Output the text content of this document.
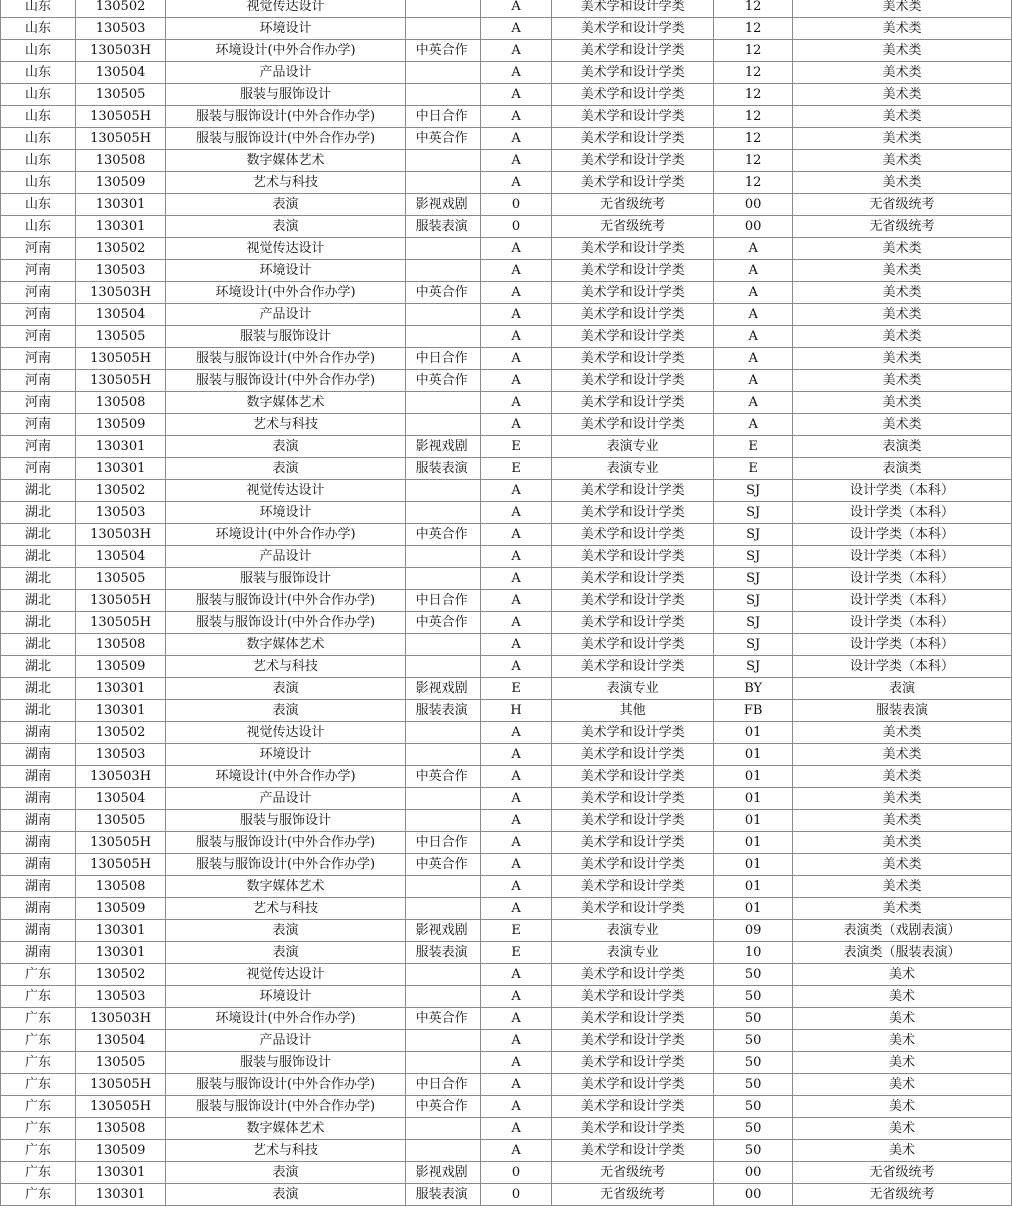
山东	130502	视觉传达设计		A	美术学和设计学类	12	美术类
山东	130503	环境设计		A	美术学和设计学类	12	美术类
山东	130503H	环境设计(中外合作办学)	中英合作	A	美术学和设计学类	12	美术类
山东	130504	产品设计		A	美术学和设计学类	12	美术类
山东	130505	服装与服饰设计		A	美术学和设计学类	12	美术类
山东	130505H	服装与服饰设计(中外合作办学)	中日合作	A	美术学和设计学类	12	美术类
山东	130505H	服装与服饰设计(中外合作办学)	中英合作	A	美术学和设计学类	12	美术类
山东	130508	数字媒体艺术		A	美术学和设计学类	12	美术类
山东	130509	艺术与科技		A	美术学和设计学类	12	美术类
山东	130301	表演	影视戏剧	0	无省级统考	00	无省级统考
山东	130301	表演	服装表演	0	无省级统考	00	无省级统考
河南	130502	视觉传达设计		A	美术学和设计学类	A	美术类
河南	130503	环境设计		A	美术学和设计学类	A	美术类
河南	130503H	环境设计(中外合作办学)	中英合作	A	美术学和设计学类	A	美术类
河南	130504	产品设计		A	美术学和设计学类	A	美术类
河南	130505	服装与服饰设计		A	美术学和设计学类	A	美术类
河南	130505H	服装与服饰设计(中外合作办学)	中日合作	A	美术学和设计学类	A	美术类
河南	130505H	服装与服饰设计(中外合作办学)	中英合作	A	美术学和设计学类	A	美术类
河南	130508	数字媒体艺术		A	美术学和设计学类	A	美术类
河南	130509	艺术与科技		A	美术学和设计学类	A	美术类
河南	130301	表演	影视戏剧	E	表演专业	E	表演类
河南	130301	表演	服装表演	E	表演专业	E	表演类
湖北	130502	视觉传达设计		A	美术学和设计学类	SJ	设计学类（本科）
湖北	130503	环境设计		A	美术学和设计学类	SJ	设计学类（本科）
湖北	130503H	环境设计(中外合作办学)	中英合作	A	美术学和设计学类	SJ	设计学类（本科）
湖北	130504	产品设计		A	美术学和设计学类	SJ	设计学类（本科）
湖北	130505	服装与服饰设计		A	美术学和设计学类	SJ	设计学类（本科）
湖北	130505H	服装与服饰设计(中外合作办学)	中日合作	A	美术学和设计学类	SJ	设计学类（本科）
湖北	130505H	服装与服饰设计(中外合作办学)	中英合作	A	美术学和设计学类	SJ	设计学类（本科）
湖北	130508	数字媒体艺术		A	美术学和设计学类	SJ	设计学类（本科）
湖北	130509	艺术与科技		A	美术学和设计学类	SJ	设计学类（本科）
湖北	130301	表演	影视戏剧	E	表演专业	BY	表演
湖北	130301	表演	服装表演	H	其他	FB	服装表演
湖南	130502	视觉传达设计		A	美术学和设计学类	01	美术类
湖南	130503	环境设计		A	美术学和设计学类	01	美术类
湖南	130503H	环境设计(中外合作办学)	中英合作	A	美术学和设计学类	01	美术类
湖南	130504	产品设计		A	美术学和设计学类	01	美术类
湖南	130505	服装与服饰设计		A	美术学和设计学类	01	美术类
湖南	130505H	服装与服饰设计(中外合作办学)	中日合作	A	美术学和设计学类	01	美术类
湖南	130505H	服装与服饰设计(中外合作办学)	中英合作	A	美术学和设计学类	01	美术类
湖南	130508	数字媒体艺术		A	美术学和设计学类	01	美术类
湖南	130509	艺术与科技		A	美术学和设计学类	01	美术类
湖南	130301	表演	影视戏剧	E	表演专业	09	表演类（戏剧表演）
湖南	130301	表演	服装表演	E	表演专业	10	表演类（服装表演）
广东	130502	视觉传达设计		A	美术学和设计学类	50	美术
广东	130503	环境设计		A	美术学和设计学类	50	美术
广东	130503H	环境设计(中外合作办学)	中英合作	A	美术学和设计学类	50	美术
广东	130504	产品设计		A	美术学和设计学类	50	美术
广东	130505	服装与服饰设计		A	美术学和设计学类	50	美术
广东	130505H	服装与服饰设计(中外合作办学)	中日合作	A	美术学和设计学类	50	美术
广东	130505H	服装与服饰设计(中外合作办学)	中英合作	A	美术学和设计学类	50	美术
广东	130508	数字媒体艺术		A	美术学和设计学类	50	美术
广东	130509	艺术与科技		A	美术学和设计学类	50	美术
广东	130301	表演	影视戏剧	0	无省级统考	00	无省级统考
广东	130301	表演	服装表演	0	无省级统考	00	无省级统考
